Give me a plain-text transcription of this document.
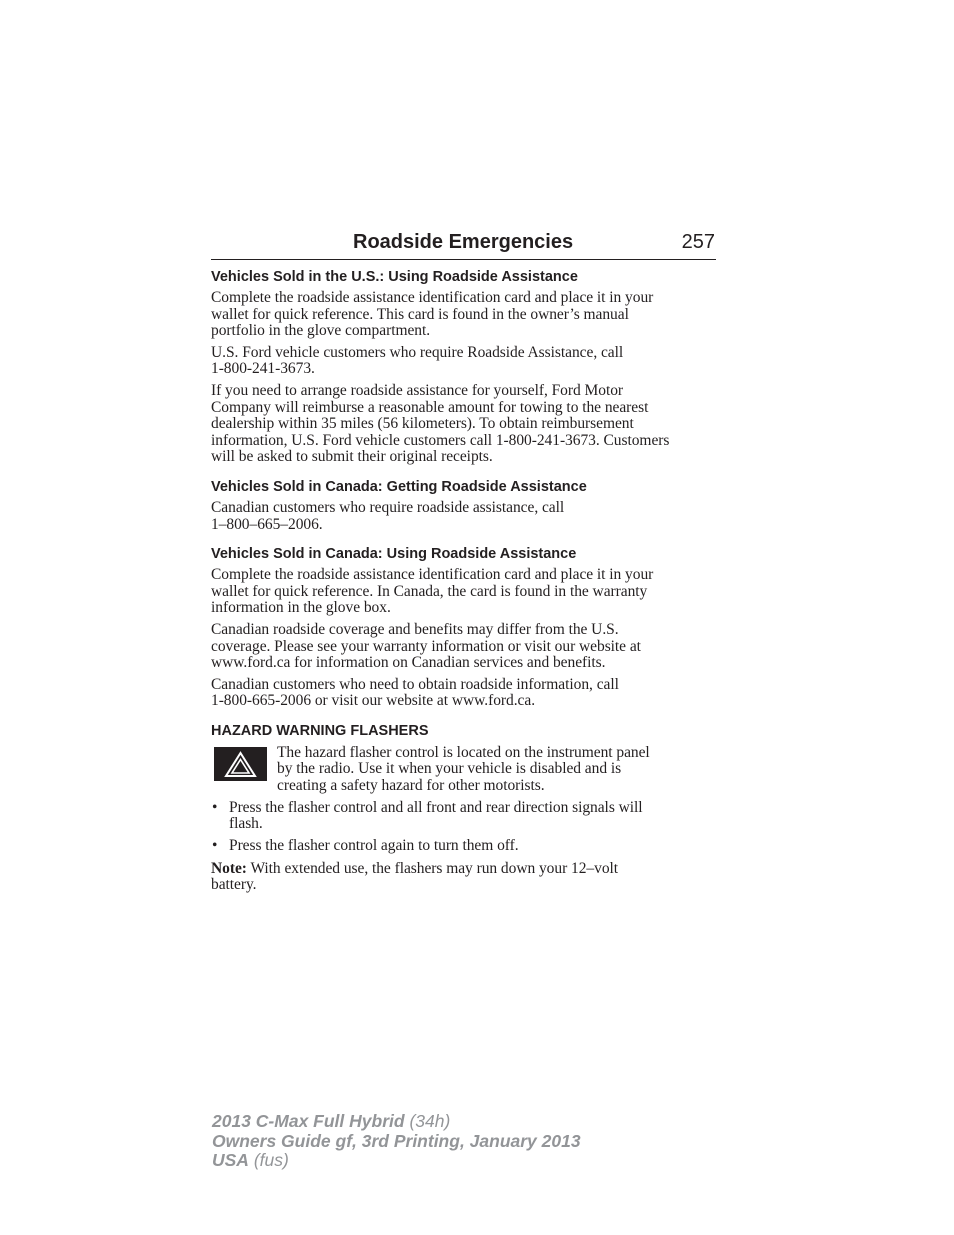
Roadside Emergencies	257
Vehicles Sold in the U.S.: Using Roadside Assistance

Complete the roadside assistance identification card and place it in your
wallet for quick reference. This card is found in the owner’s manual
portfolio in the glove compartment.

U.S. Ford vehicle customers who require Roadside Assistance, call
1-800-241-3673.

If you need to arrange roadside assistance for yourself, Ford Motor
Company will reimburse a reasonable amount for towing to the nearest
dealership within 35 miles (56 kilometers). To obtain reimbursement
information, U.S. Ford vehicle customers call 1-800-241-3673. Customers
will be asked to submit their original receipts.

Vehicles Sold in Canada: Getting Roadside Assistance

Canadian customers who require roadside assistance, call
1–800–665–2006.

Vehicles Sold in Canada: Using Roadside Assistance

Complete the roadside assistance identification card and place it in your
wallet for quick reference. In Canada, the card is found in the warranty
information in the glove box.

Canadian roadside coverage and benefits may differ from the U.S.
coverage. Please see your warranty information or visit our website at
www.ford.ca for information on Canadian services and benefits.

Canadian customers who need to obtain roadside information, call
1-800-665-2006 or visit our website at www.ford.ca.

HAZARD WARNING FLASHERS

The hazard flasher control is located on the instrument panel
by the radio. Use it when your vehicle is disabled and is
creating a safety hazard for other motorists.

• Press the flasher control and all front and rear direction signals will
flash.

• Press the flasher control again to turn them off.

Note: With extended use, the flashers may run down your 12–volt
battery.

2013 C-Max Full Hybrid (34h)
Owners Guide gf, 3rd Printing, January 2013
USA (fus)
